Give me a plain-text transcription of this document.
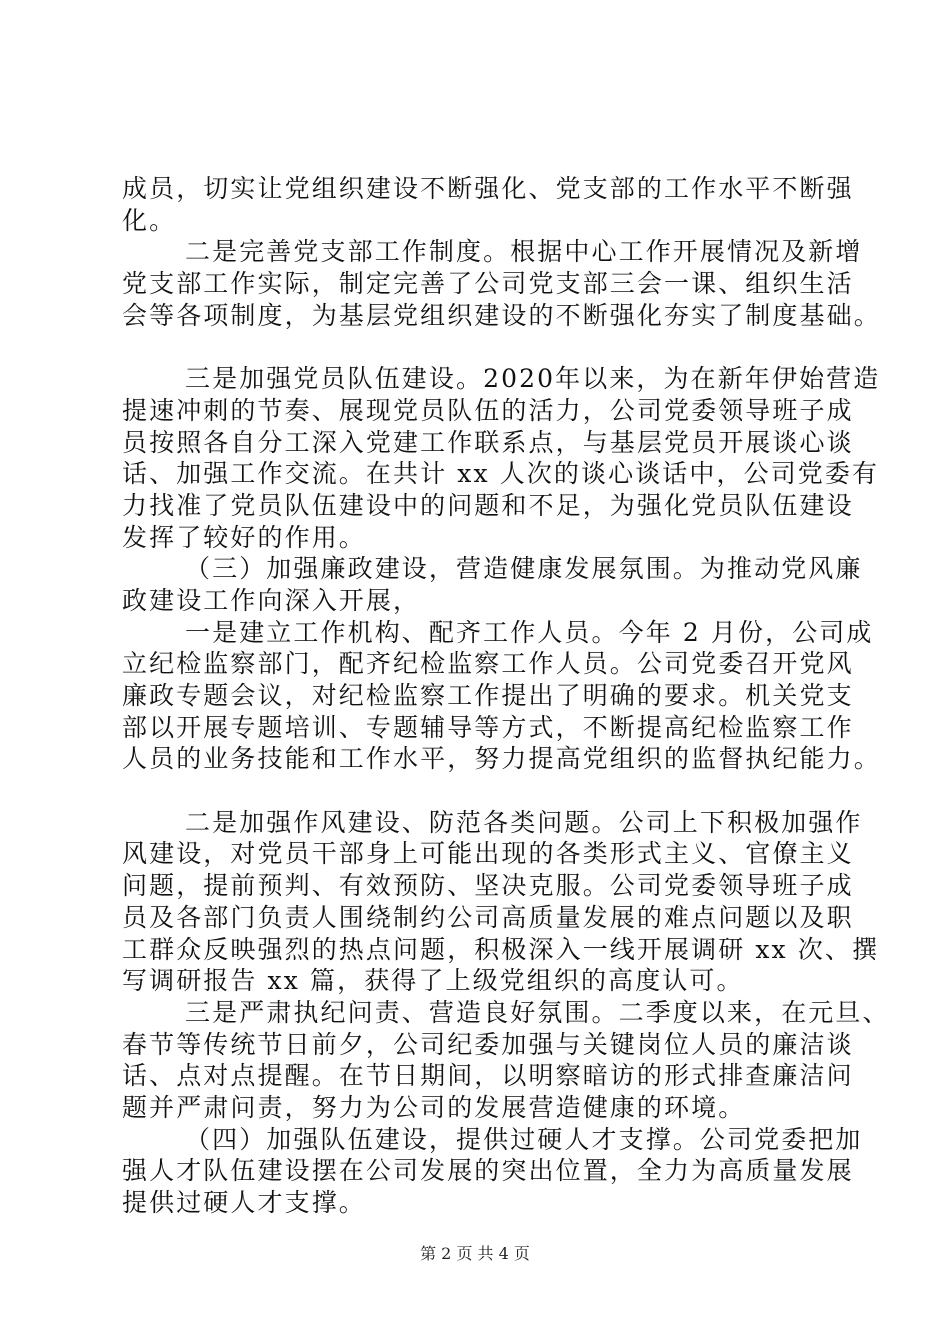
成员，切实让党组织建设不断强化、党支部的工作水平不断强
化。
二是完善党支部工作制度。根据中心工作开展情况及新增
党支部工作实际，制定完善了公司党支部三会一课、组织生活
会等各项制度，为基层党组织建设的不断强化夯实了制度基础。
三是加强党员队伍建设。2020年以来，为在新年伊始营造
提速冲刺的节奏、展现党员队伍的活力，公司党委领导班子成
员按照各自分工深入党建工作联系点，与基层党员开展谈心谈
话、加强工作交流。在共计 xx 人次的谈心谈话中，公司党委有
力找准了党员队伍建设中的问题和不足，为强化党员队伍建设
发挥了较好的作用。
（三）加强廉政建设，营造健康发展氛围。为推动党风廉
政建设工作向深入开展，
一是建立工作机构、配齐工作人员。今年 2 月份，公司成
立纪检监察部门，配齐纪检监察工作人员。公司党委召开党风
廉政专题会议，对纪检监察工作提出了明确的要求。机关党支
部以开展专题培训、专题辅导等方式，不断提高纪检监察工作
人员的业务技能和工作水平，努力提高党组织的监督执纪能力。
二是加强作风建设、防范各类问题。公司上下积极加强作
风建设，对党员干部身上可能出现的各类形式主义、官僚主义
问题，提前预判、有效预防、坚决克服。公司党委领导班子成
员及各部门负责人围绕制约公司高质量发展的难点问题以及职
工群众反映强烈的热点问题，积极深入一线开展调研 xx 次、撰
写调研报告 xx 篇，获得了上级党组织的高度认可。
三是严肃执纪问责、营造良好氛围。二季度以来，在元旦、
春节等传统节日前夕，公司纪委加强与关键岗位人员的廉洁谈
话、点对点提醒。在节日期间，以明察暗访的形式排查廉洁问
题并严肃问责，努力为公司的发展营造健康的环境。
（四）加强队伍建设，提供过硬人才支撑。公司党委把加
强人才队伍建设摆在公司发展的突出位置，全力为高质量发展
提供过硬人才支撑。
第 2 页 共 4 页
